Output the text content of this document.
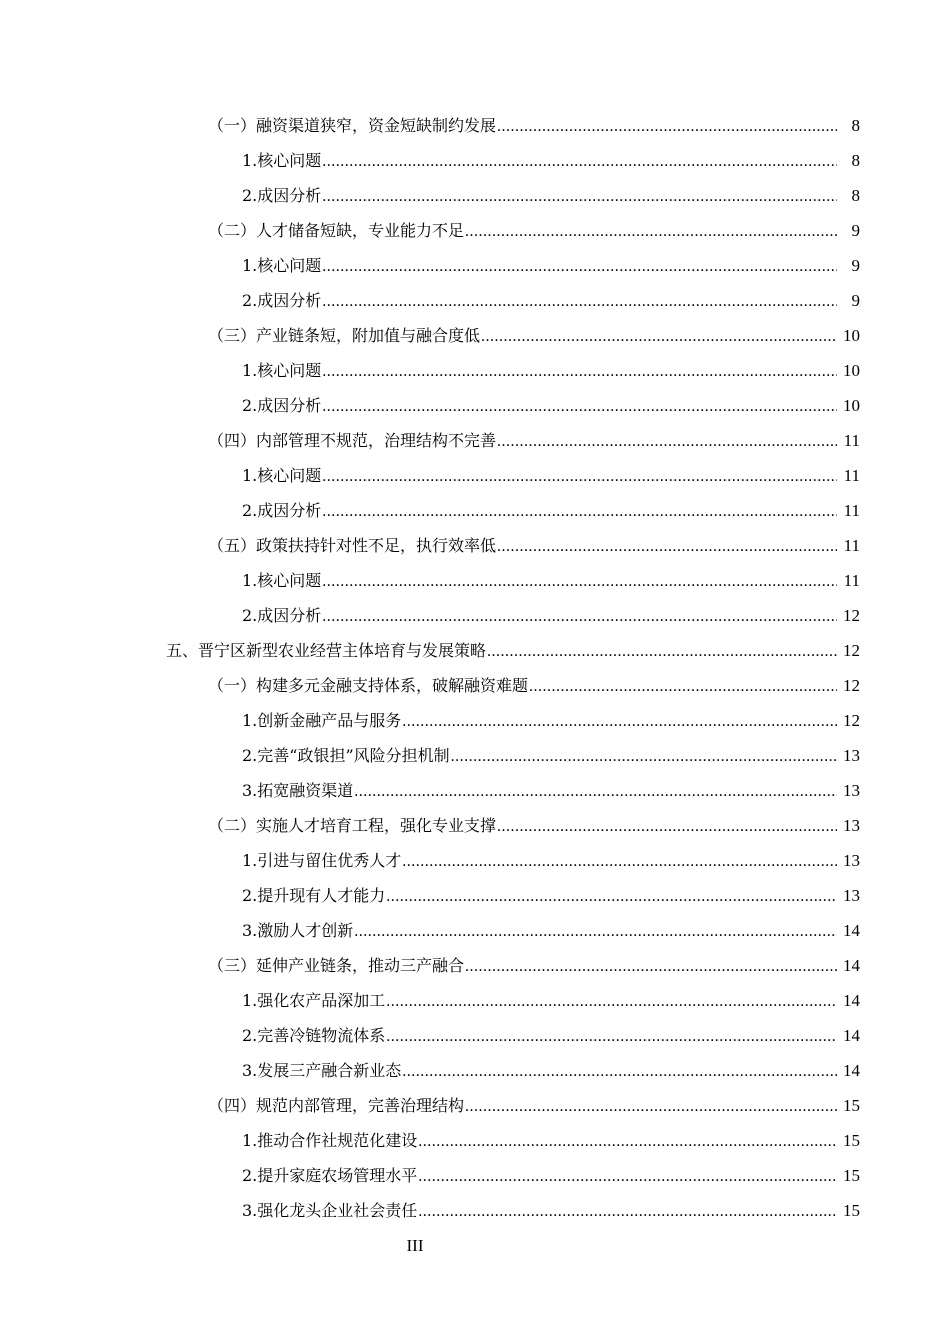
（一）融资渠道狭窄，资金短缺制约发展 .....	8
1.核心问题 .....	8
2.成因分析 .....	8
（二）人才储备短缺，专业能力不足 .....	9
1.核心问题 .....	9
2.成因分析 .....	9
（三）产业链条短，附加值与融合度低 .....	10
1.核心问题 .....	10
2.成因分析 .....	10
（四）内部管理不规范，治理结构不完善 .....	11
1.核心问题 .....	11
2.成因分析 .....	11
（五）政策扶持针对性不足，执行效率低 .....	11
1.核心问题 .....	11
2.成因分析 .....	12
五、晋宁区新型农业经营主体培育与发展策略 .....	12
（一）构建多元金融支持体系，破解融资难题 .....	12
1.创新金融产品与服务 .....	12
2.完善“政银担”风险分担机制 .....	13
3.拓宽融资渠道 .....	13
（二）实施人才培育工程，强化专业支撑 .....	13
1.引进与留住优秀人才 .....	13
2.提升现有人才能力 .....	13
3.激励人才创新 .....	14
（三）延伸产业链条，推动三产融合 .....	14
1.强化农产品深加工 .....	14
2.完善冷链物流体系 .....	14
3.发展三产融合新业态 .....	14
（四）规范内部管理，完善治理结构 .....	15
1.推动合作社规范化建设 .....	15
2.提升家庭农场管理水平 .....	15
3.强化龙头企业社会责任 .....	15
III
